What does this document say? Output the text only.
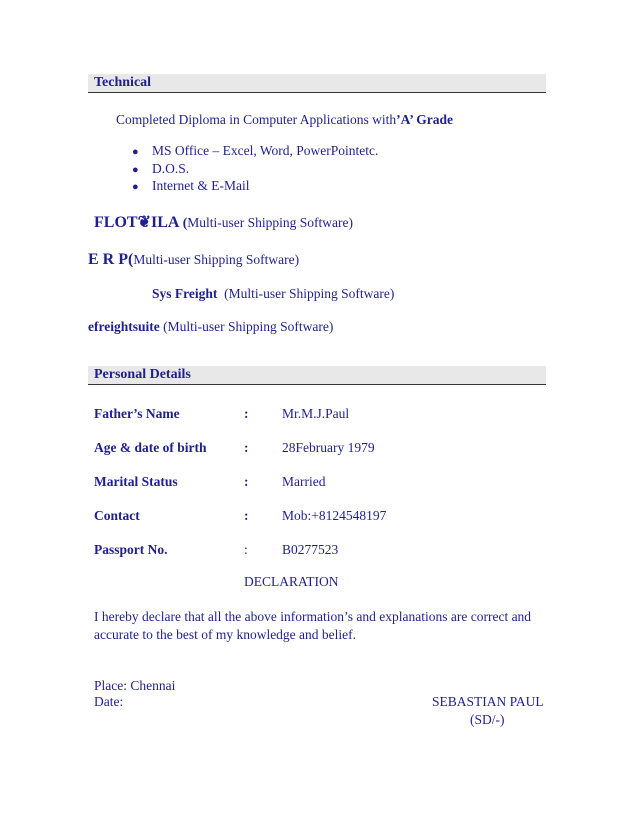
Technical
Completed Diploma in Computer Applications with’A’ Grade
● MS Office – Excel, Word, PowerPointetc.
● D.O.S.
● Internet & E-Mail
FLOT❦ILA (Multi-user Shipping Software)
E R P(Multi-user Shipping Software)
Sys Freight (Multi-user Shipping Software)
efreightsuite (Multi-user Shipping Software)
Personal Details
Father’s Name	: Mr.M.J.Paul
Age & date of birth	: 28February 1979
Marital Status	: Married
Contact	: Mob:+8124548197
Passport No.	:	B0277523
DECLARATION
I hereby declare that all the above information’s and explanations are correct and accurate to the best of my knowledge and belief.
Place: Chennai
Date:	SEBASTIAN PAUL
(SD/-)
